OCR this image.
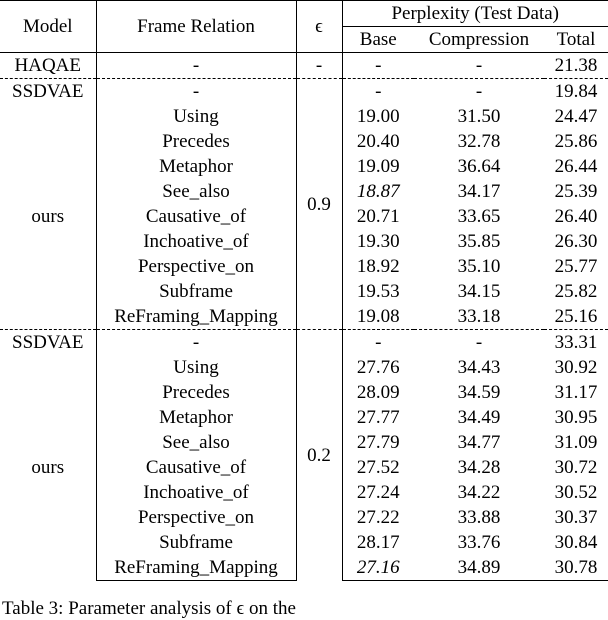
Model	Frame Relation	ϵ	Perplexity (Test Data)		
			Base	Compression	Total
HAQAE	-	-	-	-	21.38
SSDVAE	-	0.9	-	-	19.84
ours	Using		19.00	31.50	24.47
	Precedes		20.40	32.78	25.86
	Metaphor		19.09	36.64	26.44
	See_also		18.87	34.17	25.39
	Causative_of		20.71	33.65	26.40
	Inchoative_of		19.30	35.85	26.30
	Perspective_on		18.92	35.10	25.77
	Subframe		19.53	34.15	25.82
	ReFraming_Mapping		19.08	33.18	25.16
SSDVAE	-	0.2	-	-	33.31
ours	Using		27.76	34.43	30.92
	Precedes		28.09	34.59	31.17
	Metaphor		27.77	34.49	30.95
	See_also		27.79	34.77	31.09
	Causative_of		27.52	34.28	30.72
	Inchoative_of		27.24	34.22	30.52
	Perspective_on		27.22	33.88	30.37
	Subframe		28.17	33.76	30.84
	ReFraming_Mapping		27.16	34.89	30.78
Table 3: Parameter analysis of ϵ on the
